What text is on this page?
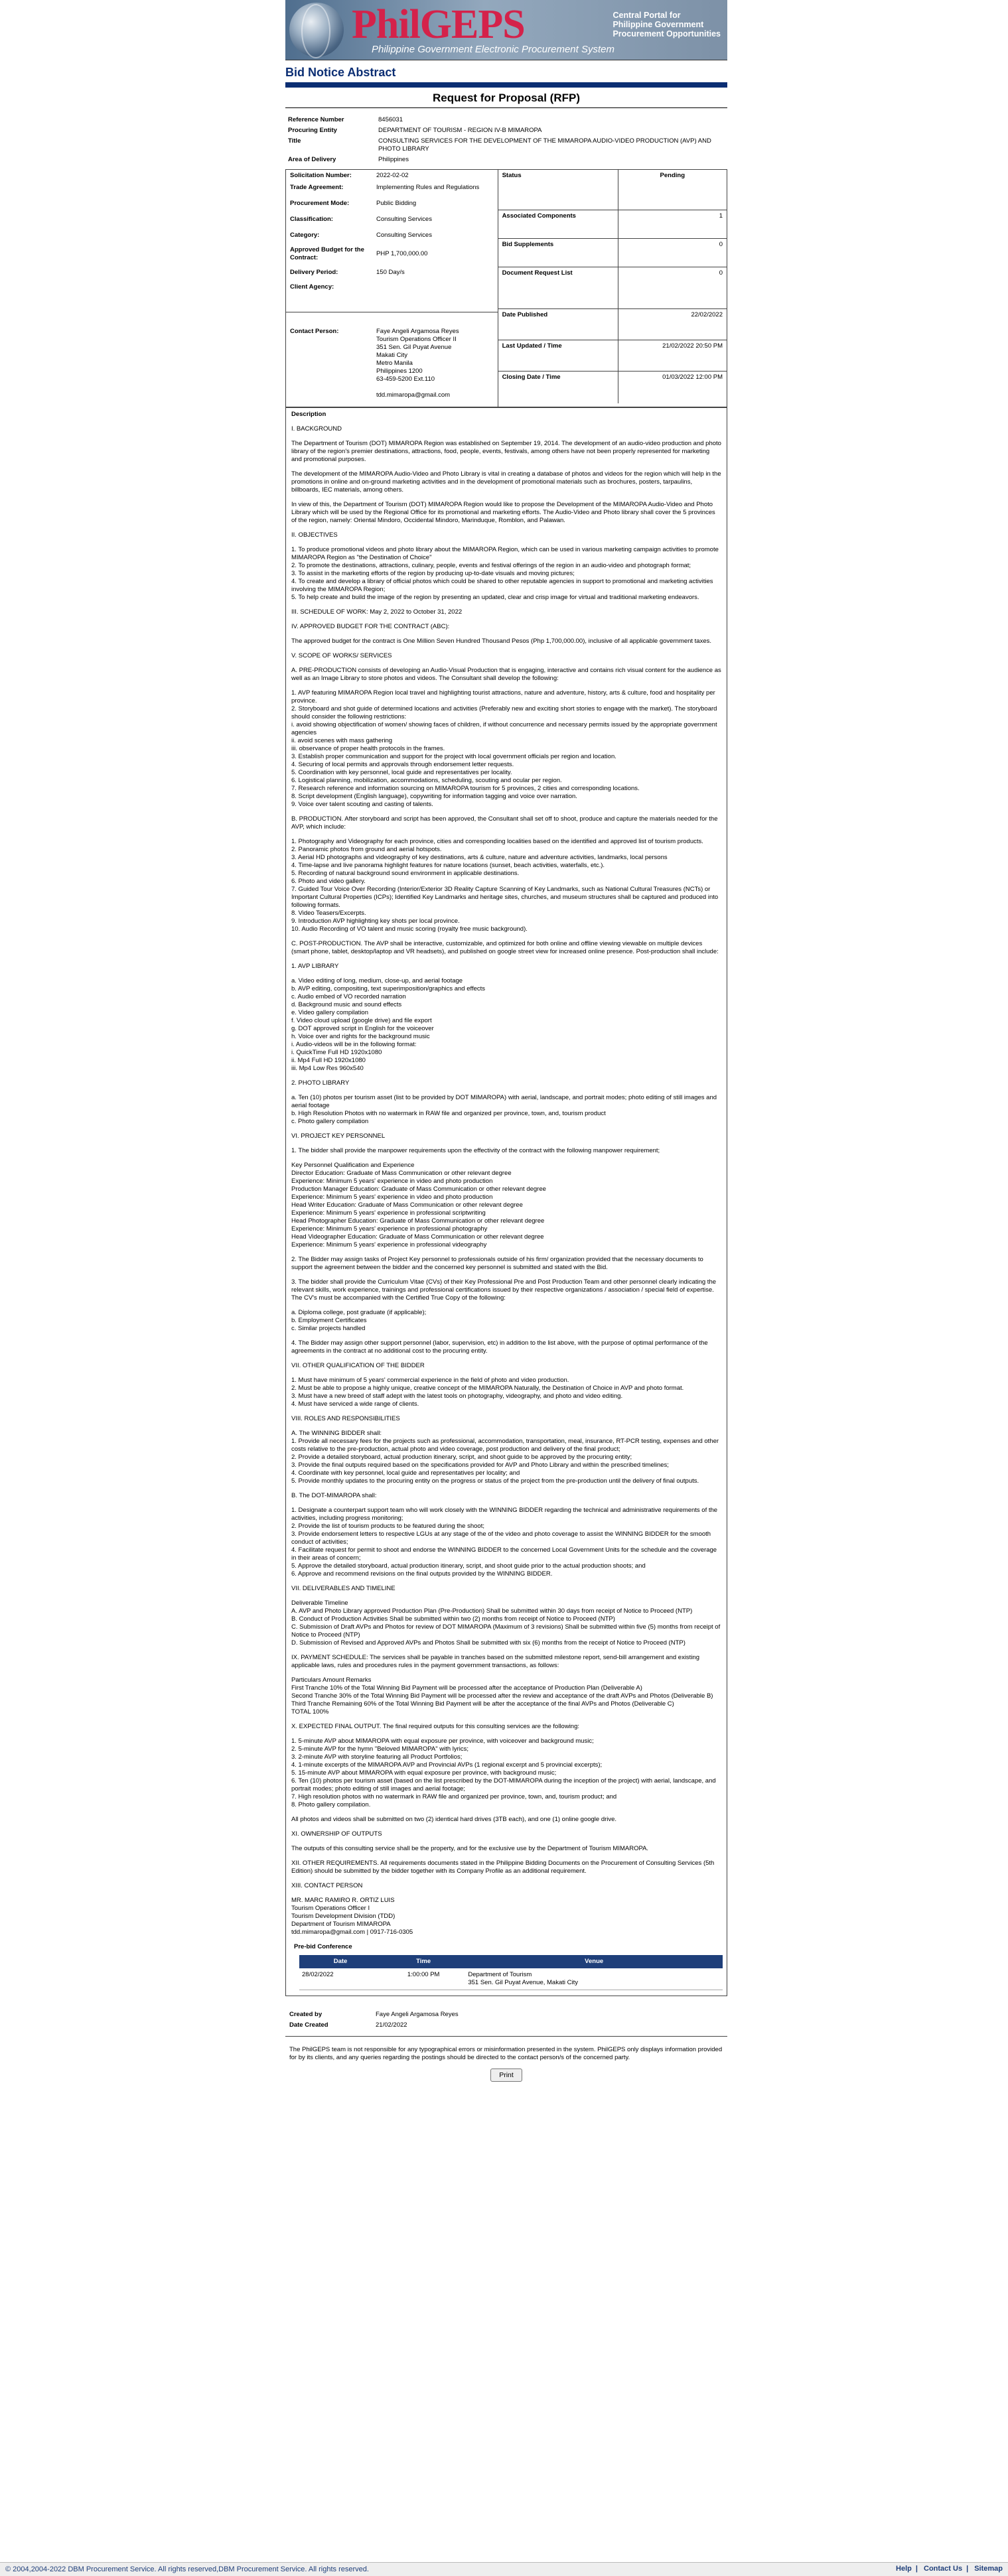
PhilGEPS
Philippine Government Electronic Procurement System
Central Portal for
Philippine Government
Procurement Opportunities
Bid Notice Abstract
Request for Proposal (RFP)
Reference Number	8456031
Procuring Entity	DEPARTMENT OF TOURISM - REGION IV-B MIMAROPA
Title	CONSULTING SERVICES FOR THE DEVELOPMENT OF THE MIMAROPA AUDIO-VIDEO PRODUCTION (AVP) AND PHOTO LIBRARY
Area of Delivery	Philippines
Solicitation Number:	2022-02-02
Trade Agreement:	Implementing Rules and Regulations
Procurement Mode:	Public Bidding
Classification:	Consulting Services
Category:	Consulting Services
Approved Budget for the Contract:
PHP 1,700,000.00
Delivery Period:	150 Day/s
Client Agency:
Contact Person:	Faye Angeli Argamosa Reyes
Tourism Operations Officer II
351 Sen. Gil Puyat Avenue
Makati City
Metro Manila
Philippines 1200
63-459-5200 Ext.110

tdd.mimaropa@gmail.com
Status	Pending
Associated Components	1
Bid Supplements	0
Document Request List	0
Date Published	22/02/2022
Last Updated / Time	21/02/2022 20:50 PM
Closing Date / Time	01/03/2022 12:00 PM
Description

I. BACKGROUND

The Department of Tourism (DOT) MIMAROPA Region was established on September 19, 2014. The development of an audio-video production and photo library of the region's premier destinations, attractions, food, people, events, festivals, among others have not been properly represented for marketing and promotional purposes.

The development of the MIMAROPA Audio-Video and Photo Library is vital in creating a database of photos and videos for the region which will help in the promotions in online and on-ground marketing activities and in the development of promotional materials such as brochures, posters, tarpaulins, billboards, IEC materials, among others.

In view of this, the Department of Tourism (DOT) MIMAROPA Region would like to propose the Development of the MIMAROPA Audio-Video and Photo Library which will be used by the Regional Office for its promotional and marketing efforts. The Audio-Video and Photo library shall cover the 5 provinces of the region, namely: Oriental Mindoro, Occidental Mindoro, Marinduque, Romblon, and Palawan.

II. OBJECTIVES

1. To produce promotional videos and photo library about the MIMAROPA Region, which can be used in various marketing campaign activities to promote MIMAROPA Region as "the Destination of Choice"
2. To promote the destinations, attractions, culinary, people, events and festival offerings of the region in an audio-video and photograph format;
3. To assist in the marketing efforts of the region by producing up-to-date visuals and moving pictures;
4. To create and develop a library of official photos which could be shared to other reputable agencies in support to promotional and marketing activities involving the MIMAROPA Region;
5. To help create and build the image of the region by presenting an updated, clear and crisp image for virtual and traditional marketing endeavors.

III. SCHEDULE OF WORK: May 2, 2022 to October 31, 2022

IV. APPROVED BUDGET FOR THE CONTRACT (ABC):

The approved budget for the contract is One Million Seven Hundred Thousand Pesos (Php 1,700,000.00), inclusive of all applicable government taxes.

V. SCOPE OF WORKS/ SERVICES

A. PRE-PRODUCTION consists of developing an Audio-Visual Production that is engaging, interactive and contains rich visual content for the audience as well as an Image Library to store photos and videos. The Consultant shall develop the following:

1. AVP featuring MIMAROPA Region local travel and highlighting tourist attractions, nature and adventure, history, arts & culture, food and hospitality per province.
2. Storyboard and shot guide of determined locations and activities (Preferably new and exciting short stories to engage with the market). The storyboard should consider the following restrictions:
i. avoid showing objectification of women/ showing faces of children, if without concurrence and necessary permits issued by the appropriate government agencies
ii. avoid scenes with mass gathering
iii. observance of proper health protocols in the frames.
3. Establish proper communication and support for the project with local government officials per region and location.
4. Securing of local permits and approvals through endorsement letter requests.
5. Coordination with key personnel, local guide and representatives per locality.
6. Logistical planning, mobilization, accommodations, scheduling, scouting and ocular per region.
7. Research reference and information sourcing on MIMAROPA tourism for 5 provinces, 2 cities and corresponding locations.
8. Script development (English language), copywriting for information tagging and voice over narration.
9. Voice over talent scouting and casting of talents.

B. PRODUCTION. After storyboard and script has been approved, the Consultant shall set off to shoot, produce and capture the materials needed for the AVP, which include:

1. Photography and Videography for each province, cities and corresponding localities based on the identified and approved list of tourism products.
2. Panoramic photos from ground and aerial hotspots.
3. Aerial HD photographs and videography of key destinations, arts & culture, nature and adventure activities, landmarks, local persons
4. Time-lapse and live panorama highlight features for nature locations (sunset, beach activities, waterfalls, etc.).
5. Recording of natural background sound environment in applicable destinations.
6. Photo and video gallery.
7. Guided Tour Voice Over Recording (Interior/Exterior 3D Reality Capture Scanning of Key Landmarks, such as National Cultural Treasures (NCTs) or Important Cultural Properties (ICPs); Identified Key Landmarks and heritage sites, churches, and museum structures shall be captured and produced into following formats.
8. Video Teasers/Excerpts.
9. Introduction AVP highlighting key shots per local province.
10. Audio Recording of VO talent and music scoring (royalty free music background).

C. POST-PRODUCTION. The AVP shall be interactive, customizable, and optimized for both online and offline viewing viewable on multiple devices (smart phone, tablet, desktop/laptop and VR headsets), and published on google street view for increased online presence. Post-production shall include:

1. AVP LIBRARY

a. Video editing of long, medium, close-up, and aerial footage
b. AVP editing, compositing, text superimposition/graphics and effects
c. Audio embed of VO recorded narration
d. Background music and sound effects
e. Video gallery compilation
f. Video cloud upload (google drive) and file export
g. DOT approved script in English for the voiceover
h. Voice over and rights for the background music
i. Audio-videos will be in the following format:
i. QuickTime Full HD 1920x1080
ii. Mp4 Full HD 1920x1080
iii. Mp4 Low Res 960x540

2. PHOTO LIBRARY

a. Ten (10) photos per tourism asset (list to be provided by DOT MIMAROPA) with aerial, landscape, and portrait modes; photo editing of still images and aerial footage
b. High Resolution Photos with no watermark in RAW file and organized per province, town, and, tourism product
c. Photo gallery compilation

VI. PROJECT KEY PERSONNEL

1. The bidder shall provide the manpower requirements upon the effectivity of the contract with the following manpower requirement;

Key Personnel Qualification and Experience
Director Education: Graduate of Mass Communication or other relevant degree
Experience: Minimum 5 years' experience in video and photo production
Production Manager Education: Graduate of Mass Communication or other relevant degree
Experience: Minimum 5 years' experience in video and photo production
Head Writer Education: Graduate of Mass Communication or other relevant degree
Experience: Minimum 5 years' experience in professional scriptwriting
Head Photographer Education: Graduate of Mass Communication or other relevant degree
Experience: Minimum 5 years' experience in professional photography
Head Videographer Education: Graduate of Mass Communication or other relevant degree
Experience: Minimum 5 years' experience in professional videography

2. The Bidder may assign tasks of Project Key personnel to professionals outside of his firm/ organization provided that the necessary documents to support the agreement between the bidder and the concerned key personnel is submitted and stated with the Bid.

3. The bidder shall provide the Curriculum Vitae (CVs) of their Key Professional Pre and Post Production Team and other personnel clearly indicating the relevant skills, work experience, trainings and professional certifications issued by their respective organizations / association / special field of expertise. The CV's must be accompanied with the Certified True Copy of the following:

a. Diploma college, post graduate (if applicable);
b. Employment Certificates
c. Similar projects handled

4. The Bidder may assign other support personnel (labor, supervision, etc) in addition to the list above, with the purpose of optimal performance of the agreements in the contract at no additional cost to the procuring entity.

VII. OTHER QUALIFICATION OF THE BIDDER

1. Must have minimum of 5 years' commercial experience in the field of photo and video production.
2. Must be able to propose a highly unique, creative concept of the MIMAROPA Naturally, the Destination of Choice in AVP and photo format.
3. Must have a new breed of staff adept with the latest tools on photography, videography, and photo and video editing.
4. Must have serviced a wide range of clients.

VIII. ROLES AND RESPONSIBILITIES

A. The WINNING BIDDER shall:
1. Provide all necessary fees for the projects such as professional, accommodation, transportation, meal, insurance, RT-PCR testing, expenses and other costs relative to the pre-production, actual photo and video coverage, post production and delivery of the final product;
2. Provide a detailed storyboard, actual production itinerary, script, and shoot guide to be approved by the procuring entity;
3. Provide the final outputs required based on the specifications provided for AVP and Photo Library and within the prescribed timelines;
4. Coordinate with key personnel, local guide and representatives per locality; and
5. Provide monthly updates to the procuring entity on the progress or status of the project from the pre-production until the delivery of final outputs.

B. The DOT-MIMAROPA shall:

1. Designate a counterpart support team who will work closely with the WINNING BIDDER regarding the technical and administrative requirements of the activities, including progress monitoring;
2. Provide the list of tourism products to be featured during the shoot;
3. Provide endorsement letters to respective LGUs at any stage of the of the video and photo coverage to assist the WINNING BIDDER for the smooth conduct of activities;
4. Facilitate request for permit to shoot and endorse the WINNING BIDDER to the concerned Local Government Units for the schedule and the coverage in their areas of concern;
5. Approve the detailed storyboard, actual production itinerary, script, and shoot guide prior to the actual production shoots; and
6. Approve and recommend revisions on the final outputs provided by the WINNING BIDDER.

VII. DELIVERABLES AND TIMELINE

Deliverable Timeline
A. AVP and Photo Library approved Production Plan (Pre-Production) Shall be submitted within 30 days from receipt of Notice to Proceed (NTP)
B. Conduct of Production Activities Shall be submitted within two (2) months from receipt of Notice to Proceed (NTP)
C. Submission of Draft AVPs and Photos for review of DOT MIMAROPA (Maximum of 3 revisions) Shall be submitted within five (5) months from receipt of Notice to Proceed (NTP)
D. Submission of Revised and Approved AVPs and Photos Shall be submitted with six (6) months from the receipt of Notice to Proceed (NTP)

IX. PAYMENT SCHEDULE: The services shall be payable in tranches based on the submitted milestone report, send-bill arrangement and existing applicable laws, rules and procedures rules in the payment government transactions, as follows:

Particulars Amount Remarks
First Tranche 10% of the Total Winning Bid Payment will be processed after the acceptance of Production Plan (Deliverable A)
Second Tranche 30% of the Total Winning Bid Payment will be processed after the review and acceptance of the draft AVPs and Photos (Deliverable B)
Third Tranche Remaining 60% of the Total Winning Bid Payment will be after the acceptance of the final AVPs and Photos (Deliverable C)
TOTAL 100%

X. EXPECTED FINAL OUTPUT. The final required outputs for this consulting services are the following:

1. 5-minute AVP about MIMAROPA with equal exposure per province, with voiceover and background music;
2. 5-minute AVP for the hymn "Beloved MIMAROPA" with lyrics;
3. 2-minute AVP with storyline featuring all Product Portfolios;
4. 1-minute excerpts of the MIMAROPA AVP and Provincial AVPs (1 regional excerpt and 5 provincial excerpts);
5. 15-minute AVP about MIMAROPA with equal exposure per province, with background music;
6. Ten (10) photos per tourism asset (based on the list prescribed by the DOT-MIMAROPA during the inception of the project) with aerial, landscape, and portrait modes; photo editing of still images and aerial footage;
7. High resolution photos with no watermark in RAW file and organized per province, town, and, tourism product; and
8. Photo gallery compilation.

All photos and videos shall be submitted on two (2) identical hard drives (3TB each), and one (1) online google drive.

XI. OWNERSHIP OF OUTPUTS

The outputs of this consulting service shall be the property, and for the exclusive use by the Department of Tourism MIMAROPA.

XII. OTHER REQUIREMENTS. All requirements documents stated in the Philippine Bidding Documents on the Procurement of Consulting Services (5th Edition) should be submitted by the bidder together with its Company Profile as an additional requirement.

XIII. CONTACT PERSON

MR. MARC RAMIRO R. ORTIZ LUIS
Tourism Operations Officer I
Tourism Development Division (TDD)
Department of Tourism MIMAROPA
tdd.mimaropa@gmail.com | 0917-716-0305

Pre-bid Conference
Date	Time	Venue
28/02/2022	1:00:00 PM	Department of Tourism
351 Sen. Gil Puyat Avenue, Makati City
Created by	Faye Angeli Argamosa Reyes
Date Created	21/02/2022
The PhilGEPS team is not responsible for any typographical errors or misinformation presented in the system. PhilGEPS only displays information provided for by its clients, and any queries regarding the postings should be directed to the contact person/s of the concerned party.
Print
© 2004,2004-2022 DBM Procurement Service. All rights reserved,DBM Procurement Service. All rights reserved.	Help | Contact Us | Sitemap
